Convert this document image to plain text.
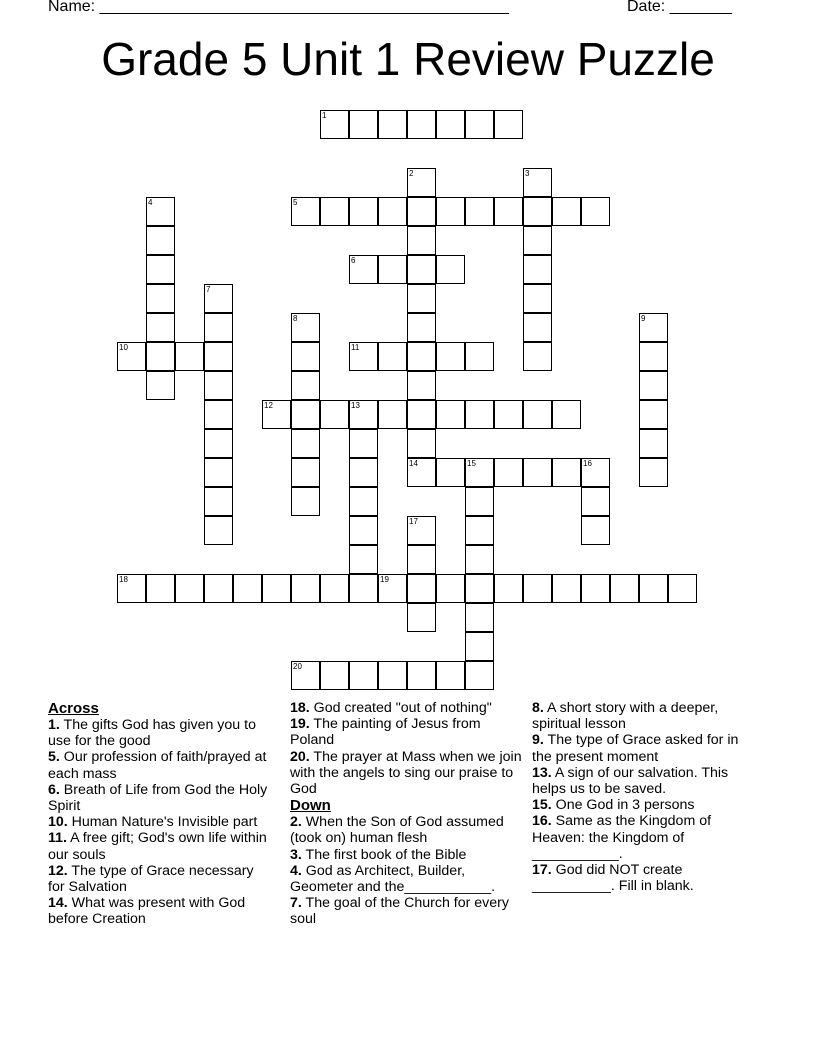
Name: ______________________________________________	Date: _______
Grade 5 Unit 1 Review Puzzle
1
2	3
4	5
6
7
8	9
10	11
12	13
14	15	16
17
18	19
20

Across

1. The gifts God has given you to use for the good

5. Our profession of faith/prayed at each mass

6. Breath of Life from God the Holy Spirit

10. Human Nature's Invisible part

11. A free gift; God's own life within our souls

12. The type of Grace necessary for Salvation

14. What was present with God before Creation

18. God created "out of nothing"

19. The painting of Jesus from Poland

20. The prayer at Mass when we join with the angels to sing our praise to God

Down

2. When the Son of God assumed (took on) human flesh

3. The first book of the Bible

4. God as Architect, Builder, Geometer and the___________.

7. The goal of the Church for every soul

8. A short story with a deeper, spiritual lesson

9. The type of Grace asked for in the present moment

13. A sign of our salvation. This helps us to be saved.

15. One God in 3 persons

16. Same as the Kingdom of Heaven: the Kingdom of ___________.

17. God did NOT create __________. Fill in blank.
